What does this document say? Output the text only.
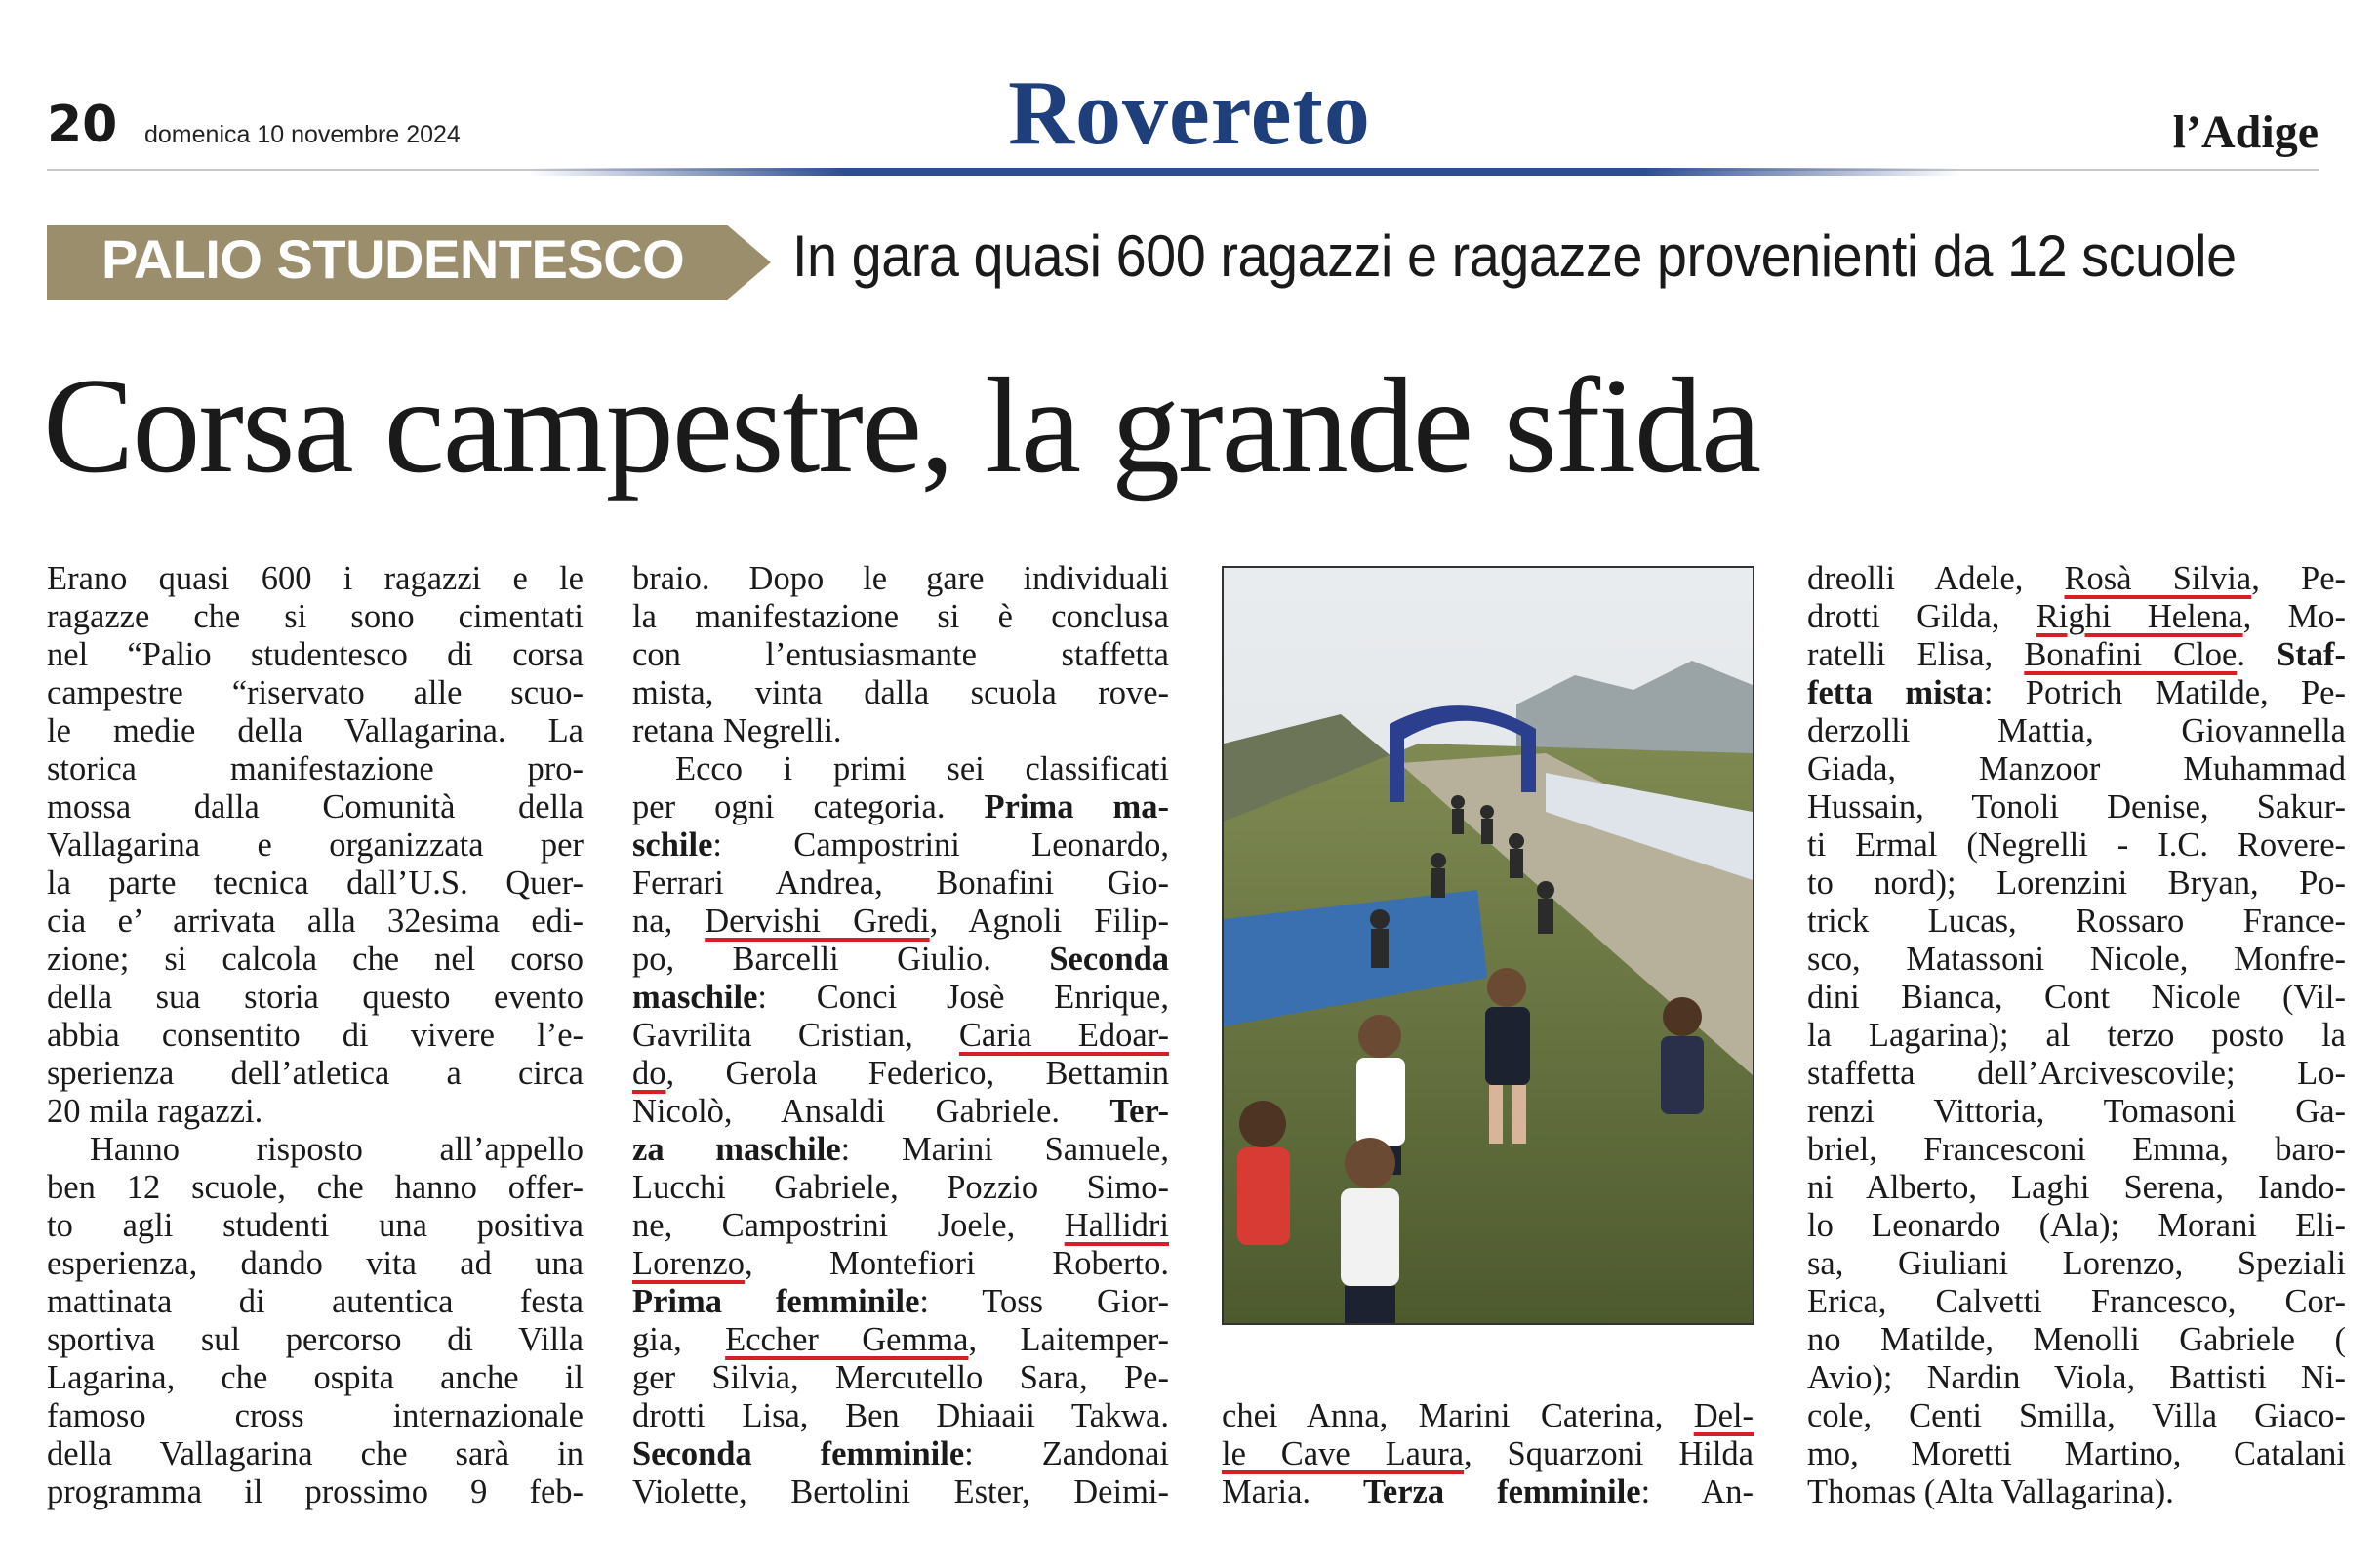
20 domenica 10 novembre 2024	Rovereto	l’Adige
PALIO STUDENTESCO In gara quasi 600 ragazzi e ragazze provenienti da 12 scuole
Corsa campestre, la grande sfida
Erano quasi 600 i ragazzi e le
ragazze che si sono cimentati
nel “Palio studentesco di corsa
campestre “riservato alle scuo-
le medie della Vallagarina. La
storica manifestazione pro-
mossa dalla Comunità della
Vallagarina e organizzata per
la parte tecnica dall’U.S. Quer-
cia e’ arrivata alla 32esima edi-
zione; si calcola che nel corso
della sua storia questo evento
abbia consentito di vivere l’e-
sperienza dell’atletica a circa
20 mila ragazzi.
Hanno risposto all’appello
ben 12 scuole, che hanno offer-
to agli studenti una positiva
esperienza, dando vita ad una
mattinata di autentica festa
sportiva sul percorso di Villa
Lagarina, che ospita anche il
famoso cross internazionale
della Vallagarina che sarà in
programma il prossimo 9 feb-
braio. Dopo le gare individuali
la manifestazione si è conclusa
con l’entusiasmante staffetta
mista, vinta dalla scuola rove-
retana Negrelli.
Ecco i primi sei classificati
per ogni categoria. Prima ma-
schile: Campostrini Leonardo,
Ferrari Andrea, Bonafini Gio-
na, Dervishi Gredi, Agnoli Filip-
po, Barcelli Giulio. Seconda
maschile: Conci Josè Enrique,
Gavrilita Cristian, Caria Edoar-
do, Gerola Federico, Bettamin
Nicolò, Ansaldi Gabriele. Ter-
za maschile: Marini Samuele,
Lucchi Gabriele, Pozzio Simo-
ne, Campostrini Joele, Hallidri
Lorenzo, Montefiori Roberto.
Prima femminile: Toss Gior-
gia, Eccher Gemma, Laitemper-
ger Silvia, Mercutello Sara, Pe-
drotti Lisa, Ben Dhiaaii Takwa.
Seconda femminile: Zandonai
Violette, Bertolini Ester, Deimi-
chei Anna, Marini Caterina, Del-
le Cave Laura, Squarzoni Hilda
Maria. Terza femminile: An-
dreolli Adele, Rosà Silvia, Pe-
drotti Gilda, Righi Helena, Mo-
ratelli Elisa, Bonafini Cloe. Staf-
fetta mista: Potrich Matilde, Pe-
derzolli Mattia, Giovannella
Giada, Manzoor Muhammad
Hussain, Tonoli Denise, Sakur-
ti Ermal (Negrelli - I.C. Rovere-
to nord); Lorenzini Bryan, Po-
trick Lucas, Rossaro France-
sco, Matassoni Nicole, Monfre-
dini Bianca, Cont Nicole (Vil-
la Lagarina); al terzo posto la
staffetta dell’Arcivescovile; Lo-
renzi Vittoria, Tomasoni Ga-
briel, Francesconi Emma, baro-
ni Alberto, Laghi Serena, Iando-
lo Leonardo (Ala); Morani Eli-
sa, Giuliani Lorenzo, Speziali
Erica, Calvetti Francesco, Cor-
no Matilde, Menolli Gabriele (
Avio); Nardin Viola, Battisti Ni-
cole, Centi Smilla, Villa Giaco-
mo, Moretti Martino, Catalani
Thomas (Alta Vallagarina).
